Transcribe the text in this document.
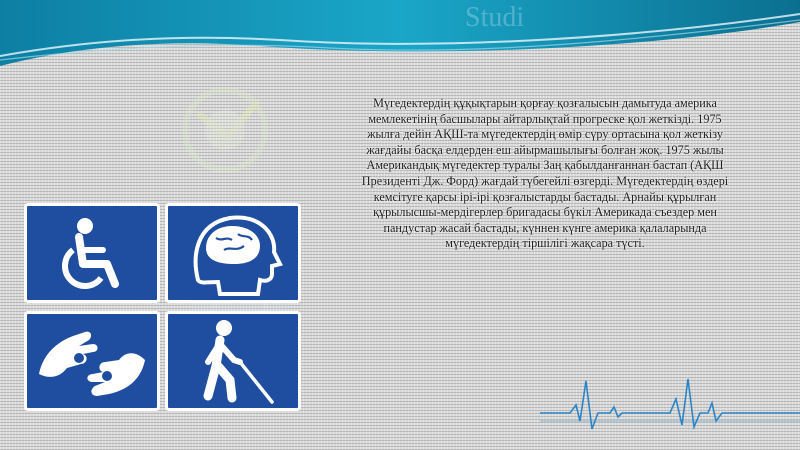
Studi
Мүгедектердің құқықтарын қорғау қозғалысын дамытуда америка
мемлекетінің басшылары айтарлықтай прогреске қол жеткізді. 1975
жылға дейін АҚШ-та мүгедектердің өмір сүру ортасына қол жеткізу
жағдайы басқа елдерден еш айырмашылығы болған жоқ. 1975 жылы
Американдық мүгедектер туралы Заң қабылданғаннан бастап (АҚШ
Президенті Дж. Форд) жағдай түбегейлі өзгерді. Мүгедектердің өздері
кемсітуге қарсы ірі-ірі қозғалыстарды бастады. Арнайы құрылған
құрылысшы-мердігерлер бригадасы бүкіл Америкада съездер мен
пандустар жасай бастады, күннен күнге америка қалаларында
мүгедектердің тіршілігі жақсара түсті.
